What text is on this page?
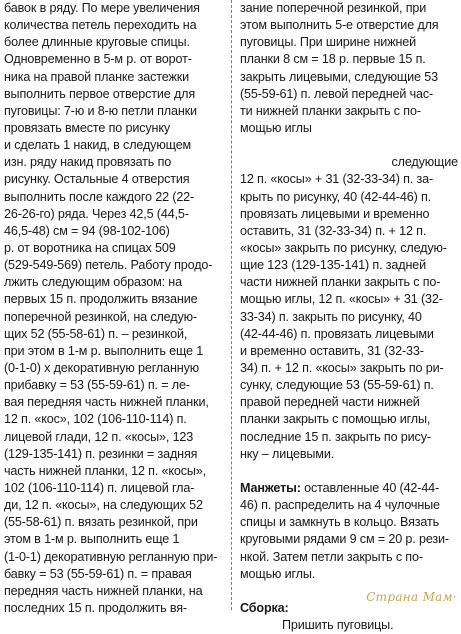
бавок в ряду. По мере увеличения
количества петель переходить на
более длинные круговые спицы.
Одновременно в 5-м р. от ворот-
ника на правой планке застежки
выполнить первое отверстие для
пуговицы: 7-ю и 8-ю петли планки
провязать вместе по рисунку
и сделать 1 накид, в следующем
изн. ряду накид провязать по
рисунку. Остальные 4 отверстия
выполнить после каждого 22 (22-
26-26-го) ряда. Через 42,5 (44,5-
46,5-48) см = 94 (98-102-106)
р. от воротника на спицах 509
(529-549-569) петель. Работу продо-
лжить следующим образом: на
первых 15 п. продолжить вязание
поперечной резинкой, на следую-
щих 52 (55-58-61) п. – резинкой,
при этом в 1-м р. выполнить еще 1
(0-1-0) х декоративную регланную
прибавку = 53 (55-59-61) п. = ле-
вая передняя часть нижней планки,
12 п. «кос», 102 (106-110-114) п.
лицевой глади, 12 п. «косы», 123
(129-135-141) п. резинки = задняя
часть нижней планки, 12 п. «косы»,
102 (106-110-114) п. лицевой гла-
ди, 12 п. «косы», на следующих 52
(55-58-61) п. вязать резинкой, при
этом в 1-м р. выполнить еще 1
(1-0-1) декоративную регланную при-
бавку = 53 (55-59-61) п. = правая
передняя часть нижней планки, на
последних 15 п. продолжить вя-
зание поперечной резинкой, при
этом выполнить 5-е отверстие для
пуговицы. При ширине нижней
планки 8 см = 18 р. первые 15 п.
закрыть лицевыми, следующие 53
(55-59-61) п. левой передней час-
ти нижней планки закрыть с по-
мощью иглы
следующие
12 п. «косы» + 31 (32-33-34) п. за-
крыть по рисунку, 40 (42-44-46) п.
провязать лицевыми и временно
оставить, 31 (32-33-34) п. + 12 п.
«косы» закрыть по рисунку, следую-
щие 123 (129-135-141) п. задней
части нижней планки закрыть с по-
мощью иглы, 12 п. «косы» + 31 (32-
33-34) п. закрыть по рисунку, 40
(42-44-46) п. провязать лицевыми
и временно оставить, 31 (32-33-
34) п. + 12 п. «косы» закрыть по ри-
сунку, следующие 53 (55-59-61) п.
правой передней части нижней
планки закрыть с помощью иглы,
последние 15 п. закрыть по рису-
нку – лицевыми.
Манжеты: оставленные 40 (42-44-
46) п. распределить на 4 чулочные
спицы и замкнуть в кольцо. Вязать
круговыми рядами 9 см = 20 р. рези-
нкой. Затем петли закрыть с по-
мощью иглы.
Сборка:
Пришить пуговицы.
Страна Мам·
